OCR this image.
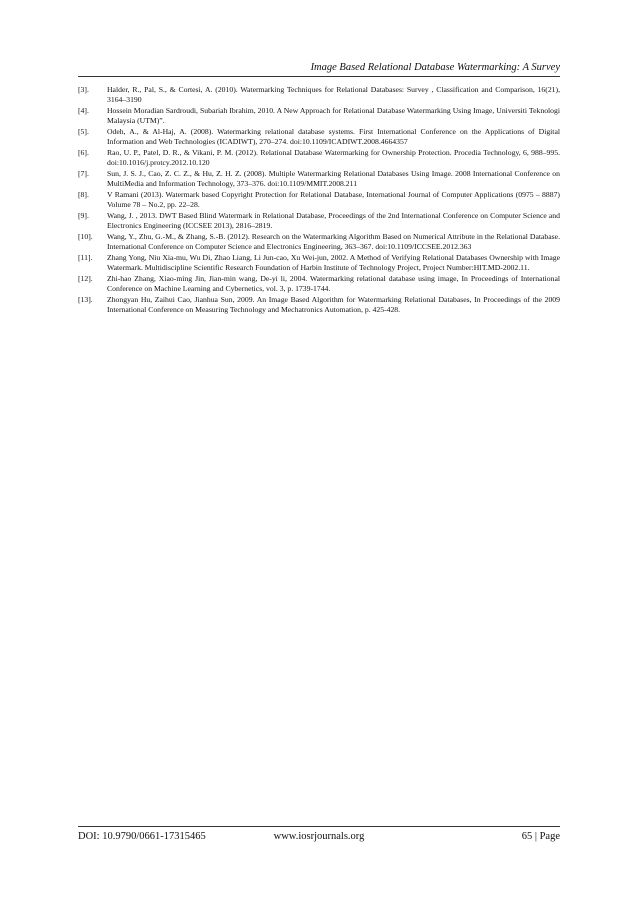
Image Based Relational Database Watermarking: A Survey
[3].	Halder, R., Pal, S., & Cortesi, A. (2010). Watermarking Techniques for Relational Databases: Survey , Classification and Comparison, 16(21), 3164–3190
[4].	Hossein Moradian Sardroudi, Subariah Ibrahim, 2010. A New Approach for Relational Database Watermarking Using Image, Universiti Teknologi Malaysia (UTM)”.
[5].	Odeh, A., & Al-Haj, A. (2008). Watermarking relational database systems. First International Conference on the Applications of Digital Information and Web Technologies (ICADIWT), 270–274. doi:10.1109/ICADIWT.2008.4664357
[6].	Rao, U. P., Patel, D. R., & Vikani, P. M. (2012). Relational Database Watermarking for Ownership Protection. Procedia Technology, 6, 988–995. doi:10.1016/j.protcy.2012.10.120
[7].	Sun, J. S. J., Cao, Z. C. Z., & Hu, Z. H. Z. (2008). Multiple Watermarking Relational Databases Using Image. 2008 International Conference on MultiMedia and Information Technology, 373–376. doi:10.1109/MMIT.2008.211
[8].	V Ramani (2013). Watermark based Copyright Protection for Relational Database, International Journal of Computer Applications (0975 – 8887) Volume 78 – No.2, pp. 22–28.
[9].	Wang, J. , 2013. DWT Based Blind Watermark in Relational Database, Proceedings of the 2nd International Conference on Computer Science and Electronics Engineering (ICCSEE 2013), 2816–2819.
[10].	Wang, Y., Zhu, G.-M., & Zhang, S.-B. (2012). Research on the Watermarking Algorithm Based on Numerical Attribute in the Relational Database. International Conference on Computer Science and Electronics Engineering, 363–367. doi:10.1109/ICCSEE.2012.363
[11].	Zhang Yong, Niu Xia-mu, Wu Di, Zhao Liang, Li Jun-cao, Xu Wei-jun, 2002. A Method of Verifying Relational Databases Ownership with Image Watermark. Multidiscipline Scientific Research Foundation of Harbin Institute of Technology Project, Project Number:HIT.MD-2002.11.
[12].	Zhi-hao Zhang, Xiao-ming Jin, Jian-min wang, De-yi li, 2004. Watermarking relational database using image, In Proceedings of International Conference on Machine Learning and Cybernetics, vol. 3, p. 1739-1744.
[13].	Zhongyan Hu, Zaihui Cao, Jianhua Sun, 2009. An Image Based Algorithm for Watermarking Relational Databases, In Proceedings of the 2009 International Conference on Measuring Technology and Mechatronics Automation, p. 425-428.
DOI: 10.9790/0661-17315465	www.iosrjournals.org	65 | Page
